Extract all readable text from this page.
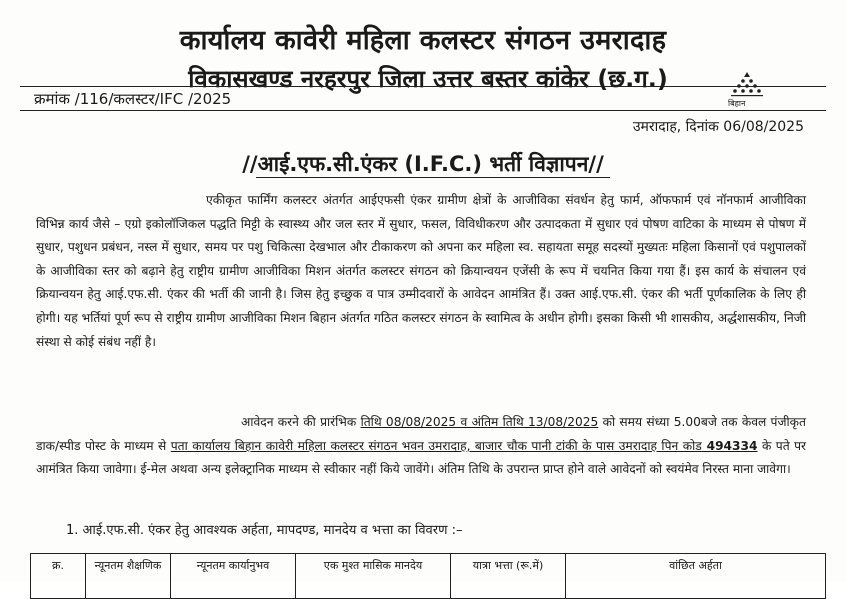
कार्यालय कावेरी महिला कलस्टर संगठन उमरादाह
विकासखण्ड नरहरपुर जिला उत्तर बस्तर कांकेर (छ.ग.)
बिहान
क्रमांक /116/कलस्टर/IFC /2025
उमरादाह, दिनांक 06/08/2025
//आई.एफ.सी.एंकर (I.F.C.) भर्ती विज्ञापन//

एकीकृत फार्मिंग कलस्टर अंतर्गत आईएफसी एंकर ग्रामीण क्षेत्रों के आजीविका संवर्धन हेतु फार्म, ऑफफार्म एवं नॉनफार्म आजीविका विभिन्न कार्य जैसे – एग्रो इकोलॉजिकल पद्धति मिट्टी के स्वास्थ्य और जल स्तर में सुधार, फसल, विविधीकरण और उत्पादकता में सुधार एवं पोषण वाटिका के माध्यम से पोषण में सुधार, पशुधन प्रबंधन, नस्ल में सुधार, समय पर पशु चिकित्सा देखभाल और टीकाकरण को अपना कर महिला स्व. सहायता समूह सदस्यों मुख्यतः महिला किसानों एवं पशुपालकों के आजीविका स्तर को बढ़ाने हेतु राष्ट्रीय ग्रामीण आजीविका मिशन अंतर्गत कलस्टर संगठन को क्रियान्वयन एजेंसी के रूप में चयनित किया गया हैं। इस कार्य के संचालन एवं क्रियान्वयन हेतु आई.एफ.सी. एंकर की भर्ती की जानी है। जिस हेतु इच्छुक व पात्र उम्मीदवारों के आवेदन आमंत्रित हैं। उक्त आई.एफ.सी. एंकर की भर्ती पूर्णकालिक के लिए ही होगी। यह भर्तियां पूर्ण रूप से राष्ट्रीय ग्रामीण आजीविका मिशन बिहान अंतर्गत गठित कलस्टर संगठन के स्वामित्व के अधीन होगी। इसका किसी भी शासकीय, अर्द्धशासकीय, निजी संस्था से कोई संबंध नहीं है।

आवेदन करने की प्रारंभिक तिथि 08/08/2025 व अंतिम तिथि 13/08/2025 को समय संध्या 5.00बजे तक केवल पंजीकृत डाक/स्पीड पोस्ट के माध्यम से पता कार्यालय बिहान कावेरी महिला कलस्टर संगठन भवन उमरादाह, बाजार चौक पानी टांकी के पास उमरादाह पिन कोड 494334 के पते पर आमंत्रित किया जावेगा। ई-मेल अथवा अन्य इलेक्ट्रानिक माध्यम से स्वीकार नहीं किये जावेंगे। अंतिम तिथि के उपरान्त प्राप्त होने वाले आवेदनों को स्वयंमेव निरस्त माना जावेगा।

1. आई.एफ.सी. एंकर हेतु आवश्यक अर्हता, मापदण्ड, मानदेय व भत्ता का विवरण :–
क्र.	न्यूनतम शैक्षणिक	न्यूनतम कार्यानुभव	एक मुश्त मासिक मानदेय	यात्रा भत्ता (रू.में)	वांछित अर्हता
